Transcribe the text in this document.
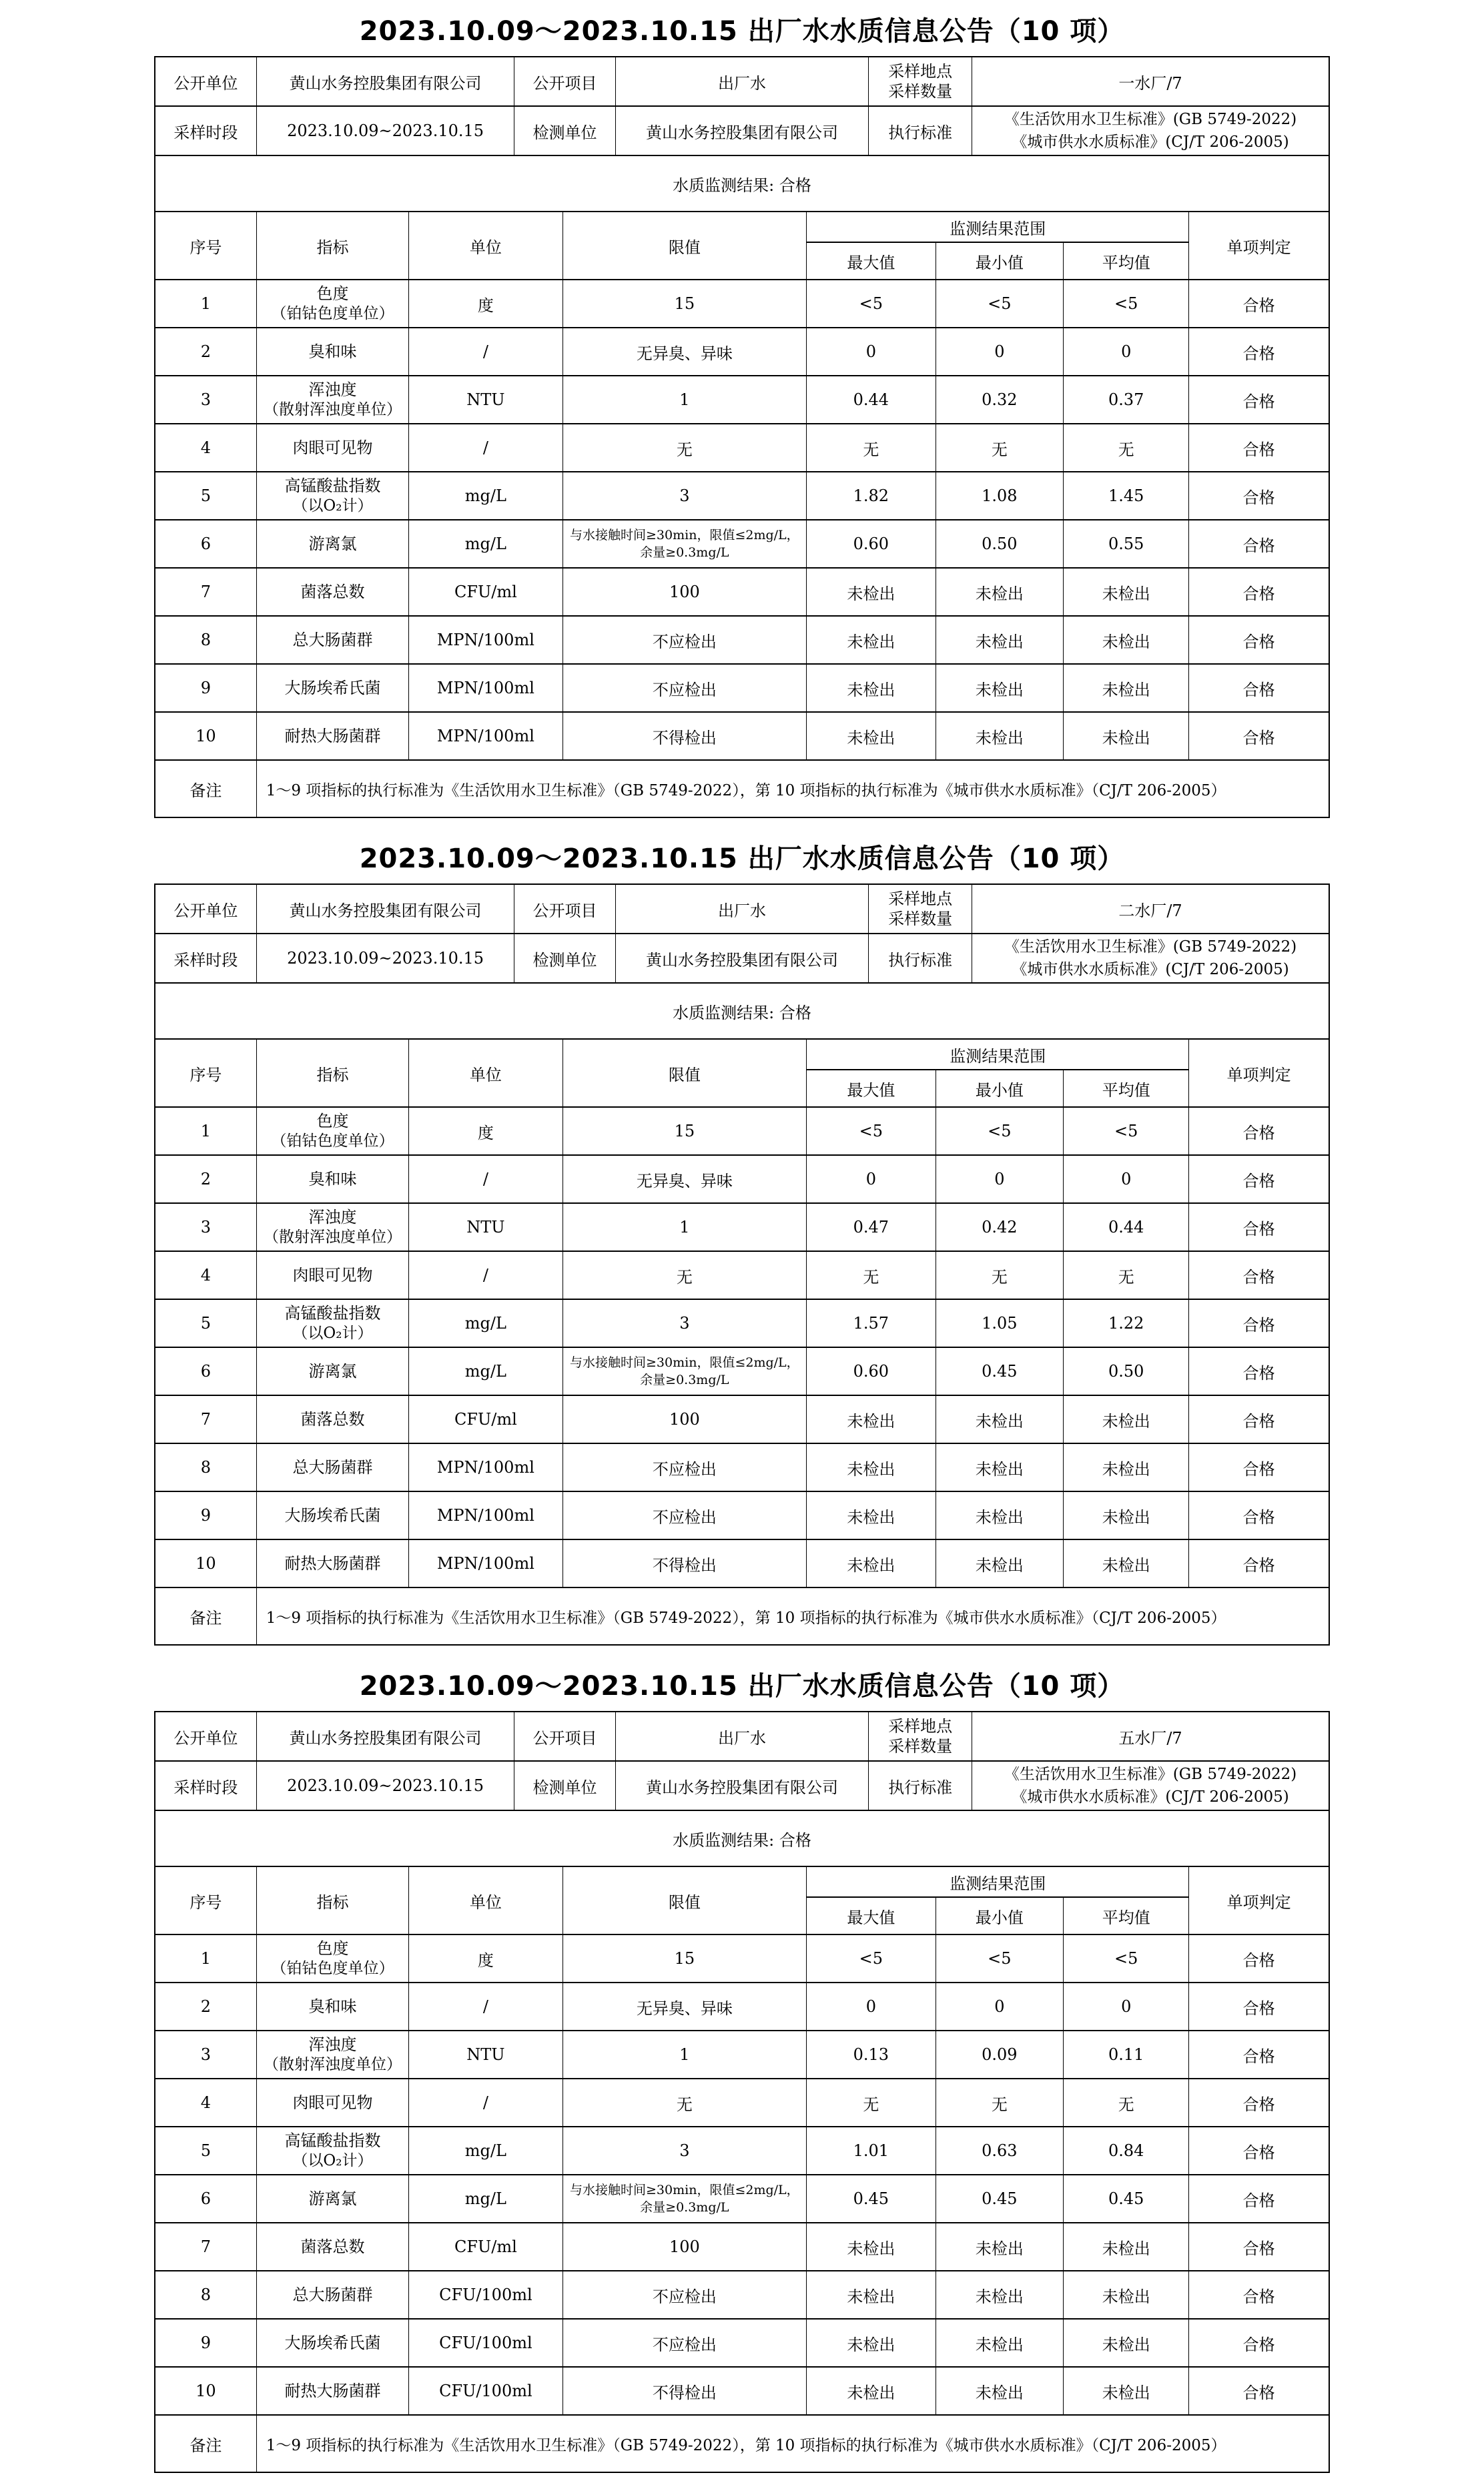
2023.10.09～2023.10.15 出厂水水质信息公告（10 项）
公开单位	黄山水务控股集团有限公司	公开项目	出厂水	采样地点
采样数量	一水厂/7
采样时段	2023.10.09~2023.10.15	检测单位	黄山水务控股集团有限公司	执行标准	《生活饮用水卫生标准》(GB 5749-2022)
《城市供水水质标准》(CJ/T 206-2005)
水质监测结果: 合格
序号	指标	单位	限值	监测结果范围			单项判定
				最大值	最小值	平均值	
1	色度
（铂钴色度单位）	度	15	<5	<5	<5	合格
2	臭和味	/	无异臭、异味	0	0	0	合格
3	浑浊度
（散射浑浊度单位）	NTU	1	0.44	0.32	0.37	合格
4	肉眼可见物	/	无	无	无	无	合格
5	高锰酸盐指数
（以O₂计）	mg/L	3	1.82	1.08	1.45	合格
6	游离氯	mg/L	与水接触时间≥30min，限值≤2mg/L，
余量≥0.3mg/L	0.60	0.50	0.55	合格
7	菌落总数	CFU/ml	100	未检出	未检出	未检出	合格
8	总大肠菌群	MPN/100ml	不应检出	未检出	未检出	未检出	合格
9	大肠埃希氏菌	MPN/100ml	不应检出	未检出	未检出	未检出	合格
10	耐热大肠菌群	MPN/100ml	不得检出	未检出	未检出	未检出	合格
备注	1～9 项指标的执行标准为《生活饮用水卫生标准》（GB 5749-2022），第 10 项指标的执行标准为《城市供水水质标准》（CJ/T 206-2005）						
2023.10.09～2023.10.15 出厂水水质信息公告（10 项）
公开单位	黄山水务控股集团有限公司	公开项目	出厂水	采样地点
采样数量	二水厂/7
采样时段	2023.10.09~2023.10.15	检测单位	黄山水务控股集团有限公司	执行标准	《生活饮用水卫生标准》(GB 5749-2022)
《城市供水水质标准》(CJ/T 206-2005)
水质监测结果: 合格
序号	指标	单位	限值	监测结果范围			单项判定
				最大值	最小值	平均值	
1	色度
（铂钴色度单位）	度	15	<5	<5	<5	合格
2	臭和味	/	无异臭、异味	0	0	0	合格
3	浑浊度
（散射浑浊度单位）	NTU	1	0.47	0.42	0.44	合格
4	肉眼可见物	/	无	无	无	无	合格
5	高锰酸盐指数
（以O₂计）	mg/L	3	1.57	1.05	1.22	合格
6	游离氯	mg/L	与水接触时间≥30min，限值≤2mg/L，
余量≥0.3mg/L	0.60	0.45	0.50	合格
7	菌落总数	CFU/ml	100	未检出	未检出	未检出	合格
8	总大肠菌群	MPN/100ml	不应检出	未检出	未检出	未检出	合格
9	大肠埃希氏菌	MPN/100ml	不应检出	未检出	未检出	未检出	合格
10	耐热大肠菌群	MPN/100ml	不得检出	未检出	未检出	未检出	合格
备注	1～9 项指标的执行标准为《生活饮用水卫生标准》（GB 5749-2022），第 10 项指标的执行标准为《城市供水水质标准》（CJ/T 206-2005）						
2023.10.09～2023.10.15 出厂水水质信息公告（10 项）
公开单位	黄山水务控股集团有限公司	公开项目	出厂水	采样地点
采样数量	五水厂/7
采样时段	2023.10.09~2023.10.15	检测单位	黄山水务控股集团有限公司	执行标准	《生活饮用水卫生标准》(GB 5749-2022)
《城市供水水质标准》(CJ/T 206-2005)
水质监测结果: 合格
序号	指标	单位	限值	监测结果范围			单项判定
				最大值	最小值	平均值	
1	色度
（铂钴色度单位）	度	15	<5	<5	<5	合格
2	臭和味	/	无异臭、异味	0	0	0	合格
3	浑浊度
（散射浑浊度单位）	NTU	1	0.13	0.09	0.11	合格
4	肉眼可见物	/	无	无	无	无	合格
5	高锰酸盐指数
（以O₂计）	mg/L	3	1.01	0.63	0.84	合格
6	游离氯	mg/L	与水接触时间≥30min，限值≤2mg/L，
余量≥0.3mg/L	0.45	0.45	0.45	合格
7	菌落总数	CFU/ml	100	未检出	未检出	未检出	合格
8	总大肠菌群	CFU/100ml	不应检出	未检出	未检出	未检出	合格
9	大肠埃希氏菌	CFU/100ml	不应检出	未检出	未检出	未检出	合格
10	耐热大肠菌群	CFU/100ml	不得检出	未检出	未检出	未检出	合格
备注	1～9 项指标的执行标准为《生活饮用水卫生标准》（GB 5749-2022），第 10 项指标的执行标准为《城市供水水质标准》（CJ/T 206-2005）						
